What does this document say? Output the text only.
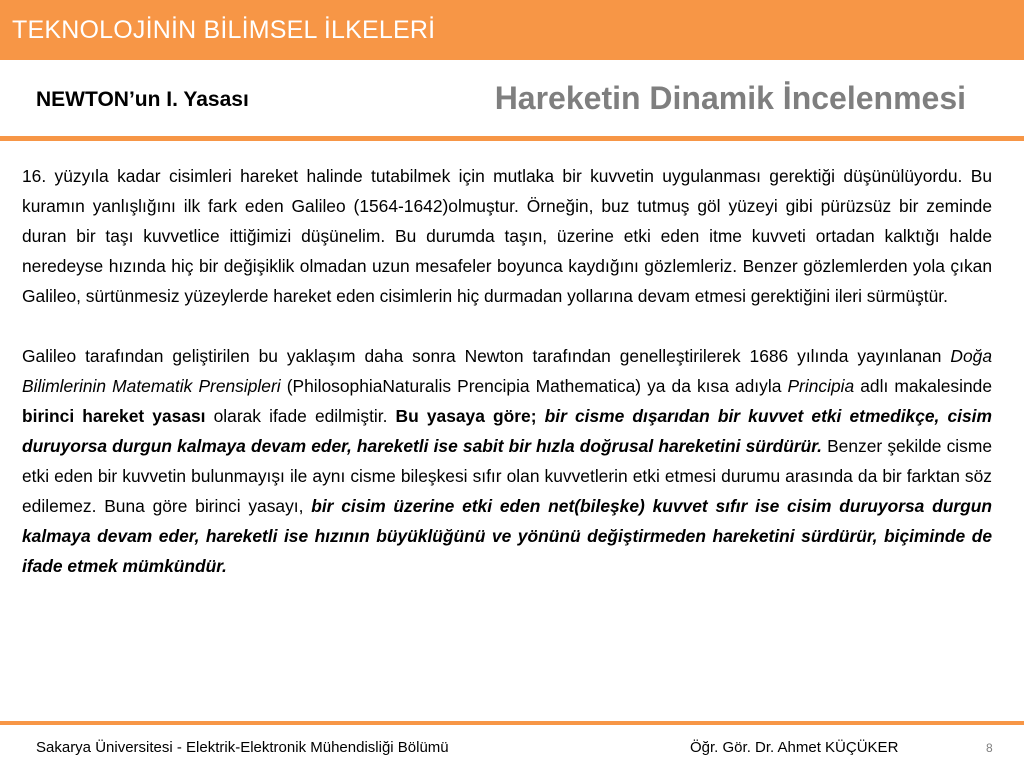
TEKNOLOJİNİN BİLİMSEL İLKELERİ
NEWTON’un I. Yasası	Hareketin Dinamik İncelenmesi

16. yüzyıla kadar cisimleri hareket halinde tutabilmek için mutlaka bir kuvvetin uygulanması gerektiği düşünülüyordu. Bu kuramın yanlışlığını ilk fark eden Galileo (1564-1642)olmuştur. Örneğin, buz tutmuş göl yüzeyi gibi pürüzsüz bir zeminde duran bir taşı kuvvetlice ittiğimizi düşünelim. Bu durumda taşın, üzerine etki eden itme kuvveti ortadan kalktığı halde neredeyse hızında hiç bir değişiklik olmadan uzun mesafeler boyunca kaydığını gözlemleriz. Benzer gözlemlerden yola çıkan Galileo, sürtünmesiz yüzeylerde hareket eden cisimlerin hiç durmadan yollarına devam etmesi gerektiğini ileri sürmüştür.

Galileo tarafından geliştirilen bu yaklaşım daha sonra Newton tarafından genelleştirilerek 1686 yılında yayınlanan Doğa Bilimlerinin Matematik Prensipleri (PhilosophiaNaturalis Prencipia Mathematica) ya da kısa adıyla Principia adlı makalesinde birinci hareket yasası olarak ifade edilmiştir. Bu yasaya göre; bir cisme dışarıdan bir kuvvet etki etmedikçe, cisim duruyorsa durgun kalmaya devam eder, hareketli ise sabit bir hızla doğrusal hareketini sürdürür. Benzer şekilde cisme etki eden bir kuvvetin bulunmayışı ile aynı cisme bileşkesi sıfır olan kuvvetlerin etki etmesi durumu arasında da bir farktan söz edilemez. Buna göre birinci yasayı, bir cisim üzerine etki eden net(bileşke) kuvvet sıfır ise cisim duruyorsa durgun kalmaya devam eder, hareketli ise hızının büyüklüğünü ve yönünü değiştirmeden hareketini sürdürür, biçiminde de ifade etmek mümkündür.

Sakarya Üniversitesi - Elektrik-Elektronik Mühendisliği Bölümü	Öğr. Gör. Dr. Ahmet KÜÇÜKER	8
